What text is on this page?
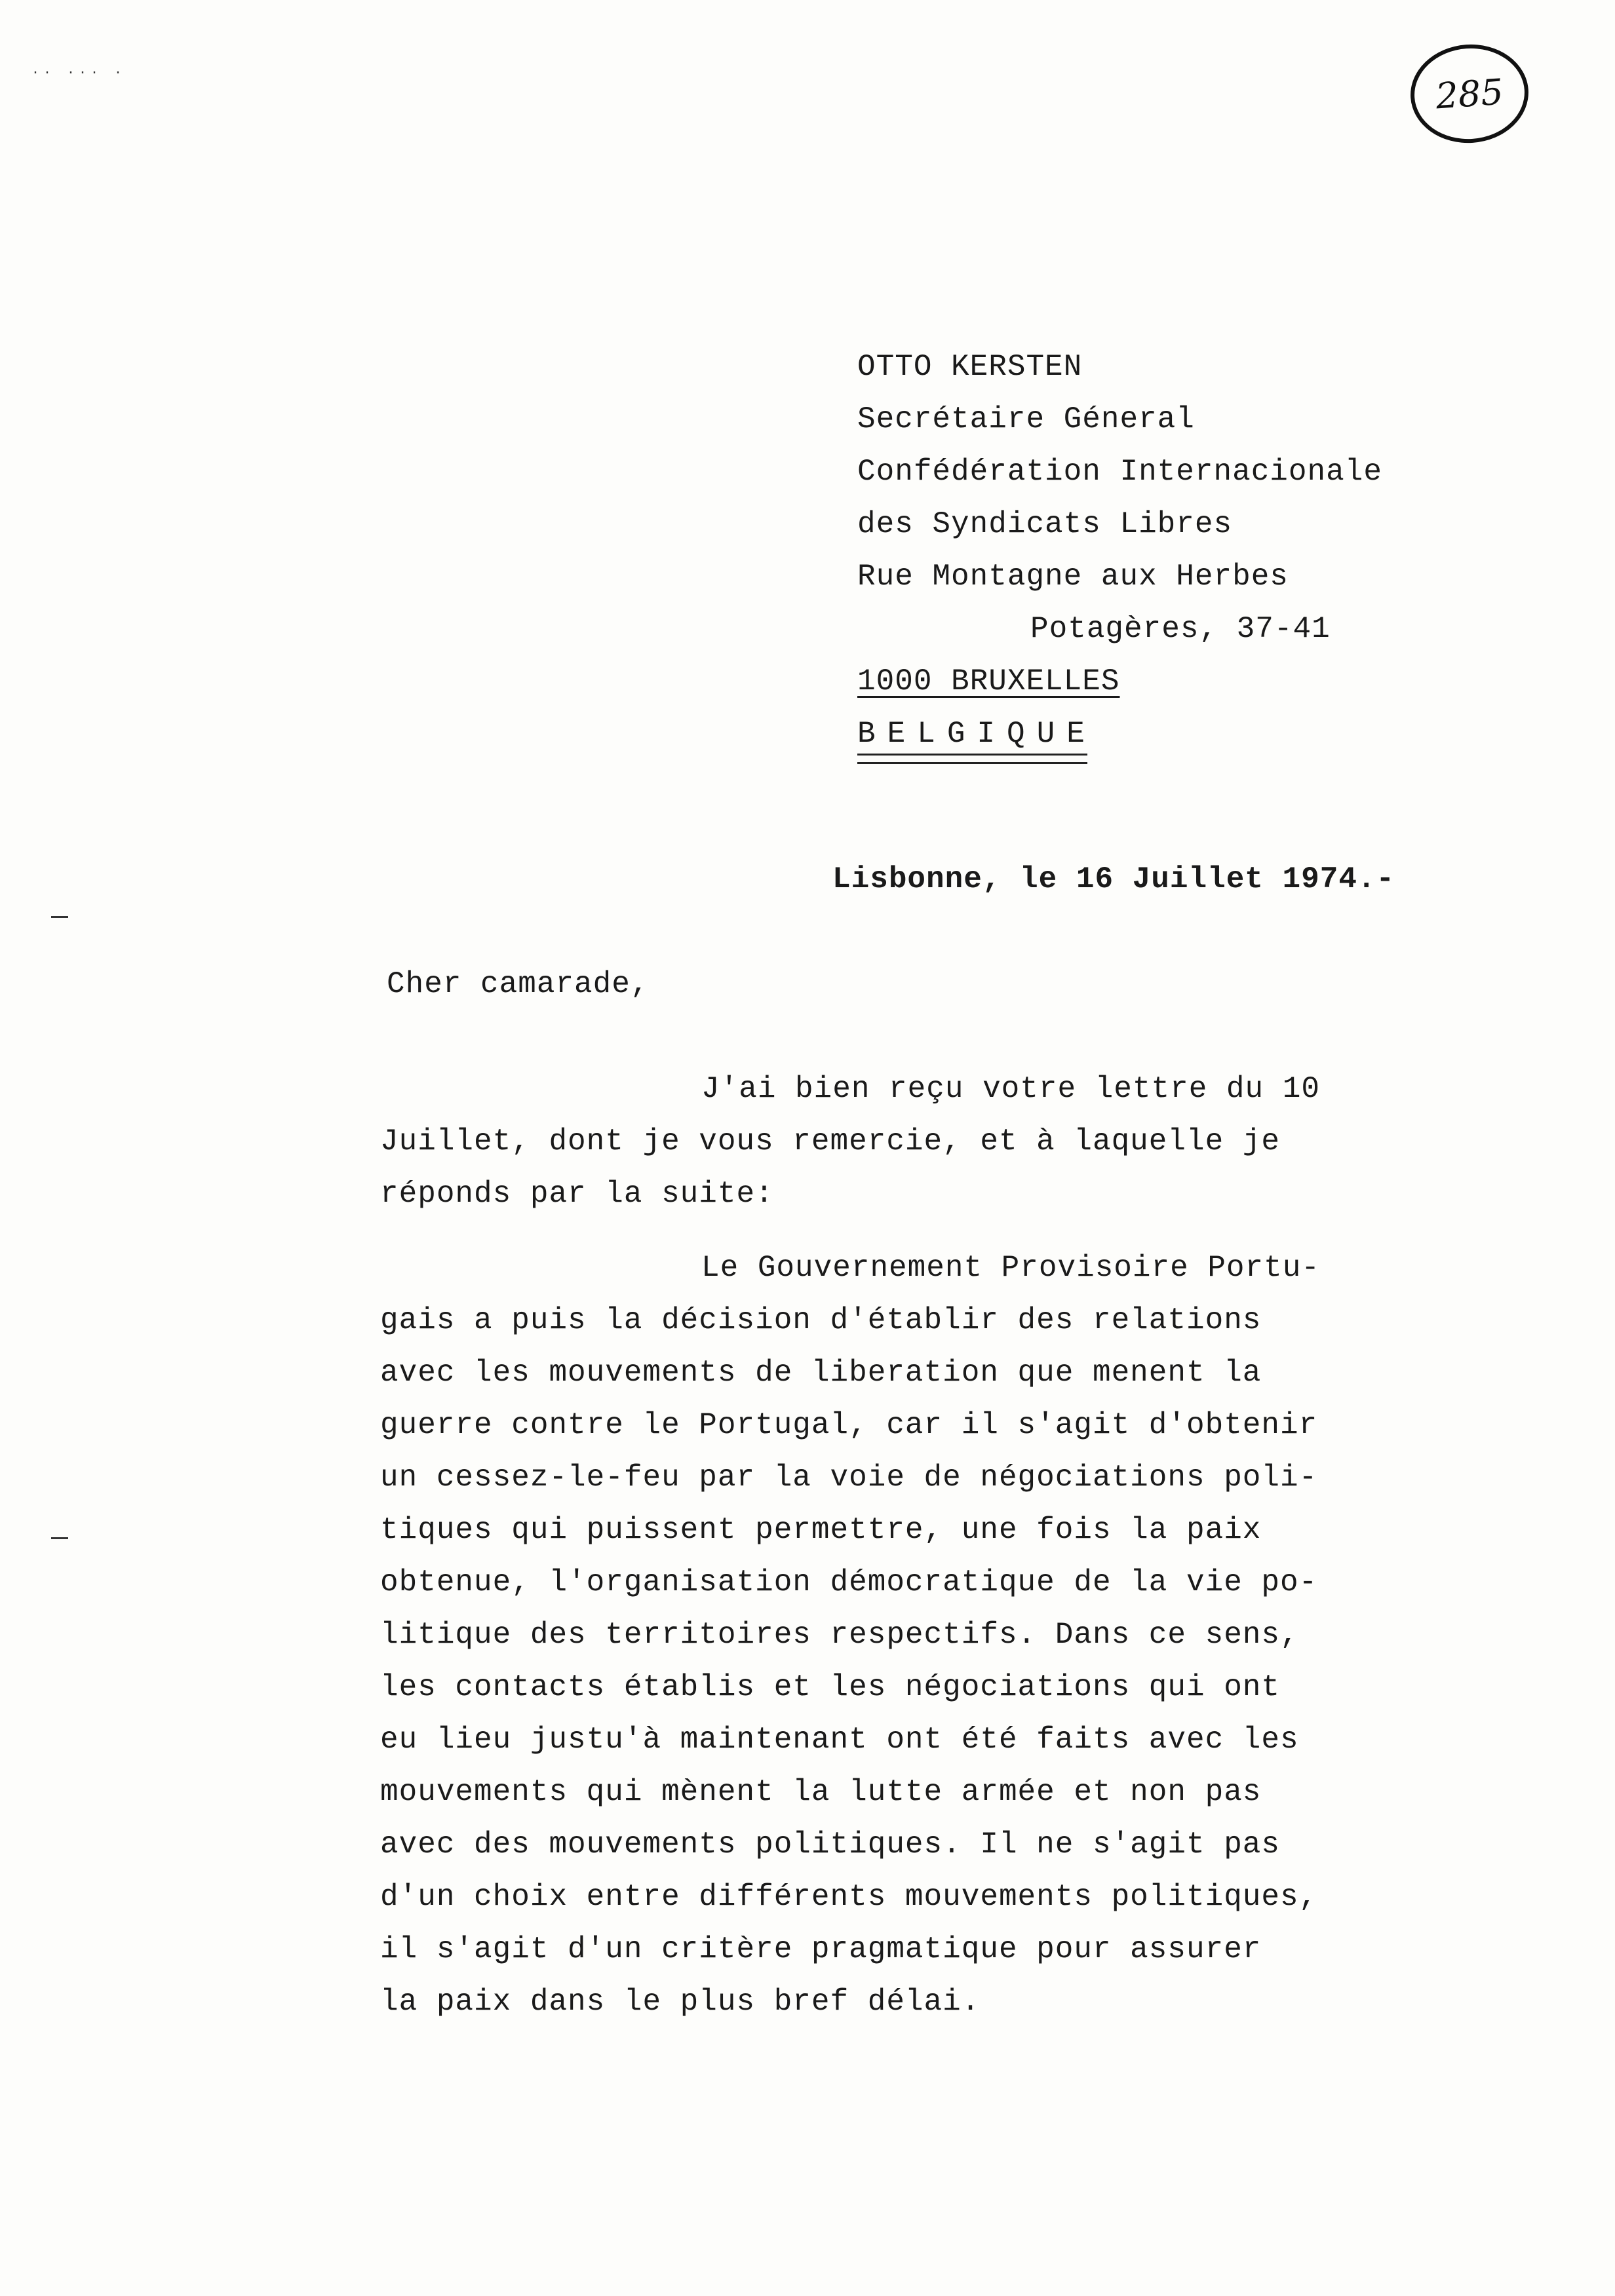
·· ··· ·	285
OTTO KERSTEN
Secrétaire Géneral
Confédération Internacionale
des Syndicats Libres
Rue Montagne aux Herbes
Potagères, 37-41
1000 BRUXELLES
BELGIQUE
Lisbonne, le 16 Juillet 1974.-
Cher camarade,
J'ai bien reçu votre lettre du 10
Juillet, dont je vous remercie, et à laquelle je
réponds par la suite:
Le Gouvernement Provisoire Portu-
gais a puis la décision d'établir des relations
avec les mouvements de liberation que menent la
guerre contre le Portugal, car il s'agit d'obtenir
un cessez-le-feu par la voie de négociations poli-
tiques qui puissent permettre, une fois la paix
obtenue, l'organisation démocratique de la vie po-
litique des territoires respectifs. Dans ce sens,
les contacts établis et les négociations qui ont
eu lieu justu'à maintenant ont été faits avec les
mouvements qui mènent la lutte armée et non pas
avec des mouvements politiques. Il ne s'agit pas
d'un choix entre différents mouvements politiques,
il s'agit d'un critère pragmatique pour assurer
la paix dans le plus bref délai.
